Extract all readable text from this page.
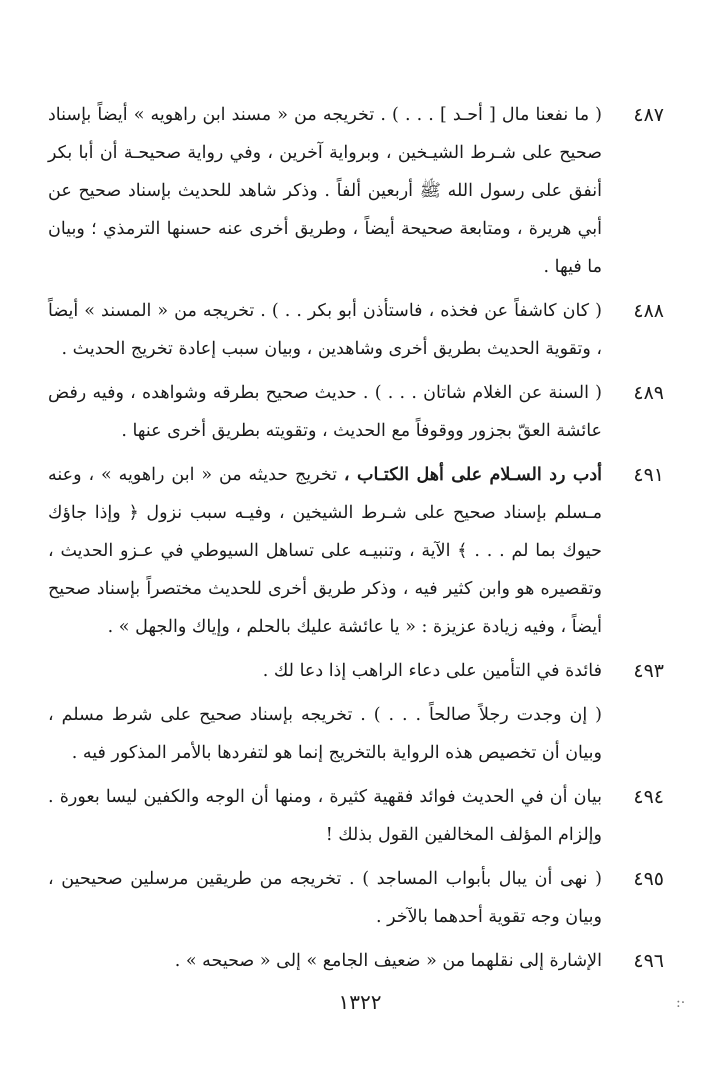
٤٨٧
( ما نفعنا مال [ أحـد ] . . . ) . تخريجه من « مسند ابن راهويه » أيضاً بإسناد صحيح على شـرط الشيـخين ، وبرواية آخرين ، وفي رواية صحيحـة أن أبا بكر أنفق على رسول الله ﷺ أربعين ألفاً . وذكر شاهد للحديث بإسناد صحيح عن أبي هريرة ، ومتابعة صحيحة أيضاً ، وطريق أخرى عنه حسنها الترمذي ؛ وبيان ما فيها .
٤٨٨
( كان كاشفاً عن فخذه ، فاستأذن أبو بكر . . ) . تخريجه من « المسند » أيضاً ، وتقوية الحديث بطريق أخرى وشاهدين ، وبيان سبب إعادة تخريج الحديث .
٤٨٩
( السنة عن الغلام شاتان . . . ) . حديث صحيح بطرقه وشواهده ، وفيه رفض عائشة العقّ بجزور ووقوفاً مع الحديث ، وتقويته بطريق أخرى عنها .
٤٩١
أدب رد السـلام على أهل الكتـاب ، تخريج حديثه من « ابن راهويه » ، وعنه مـسلم بإسناد صحيح على شـرط الشيخين ، وفيـه سبب نزول ﴿ وإذا جاؤك حيوك بما لم . . . ﴾ الآية ، وتنبيـه على تساهل السيوطي في عـزو الحديث ، وتقصيره هو وابن كثير فيه ، وذكر طريق أخرى للحديث مختصراً بإسناد صحيح أيضاً ، وفيه زيادة عزيزة : « يا عائشة عليك بالحلم ، وإياك والجهل » .
٤٩٣
فائدة في التأمين على دعاء الراهب إذا دعا لك .
( إن وجدت رجلاً صالحاً . . . ) . تخريجه بإسناد صحيح على شرط مسلم ، وبيان أن تخصيص هذه الرواية بالتخريج إنما هو لتفردها بالأمر المذكور فيه .
٤٩٤
بيان أن في الحديث فوائد فقهية كثيرة ، ومنها أن الوجه والكفين ليسا بعورة . وإلزام المؤلف المخالفين القول بذلك !
٤٩٥
( نهى أن يبال بأبواب المساجد ) . تخريجه من طريقين مرسلين صحيحين ، وبيان وجه تقوية أحدهما بالآخر .
٤٩٦
الإشارة إلى نقلهما من « ضعيف الجامع » إلى « صحيحه » .
١٣٢٢	·:
